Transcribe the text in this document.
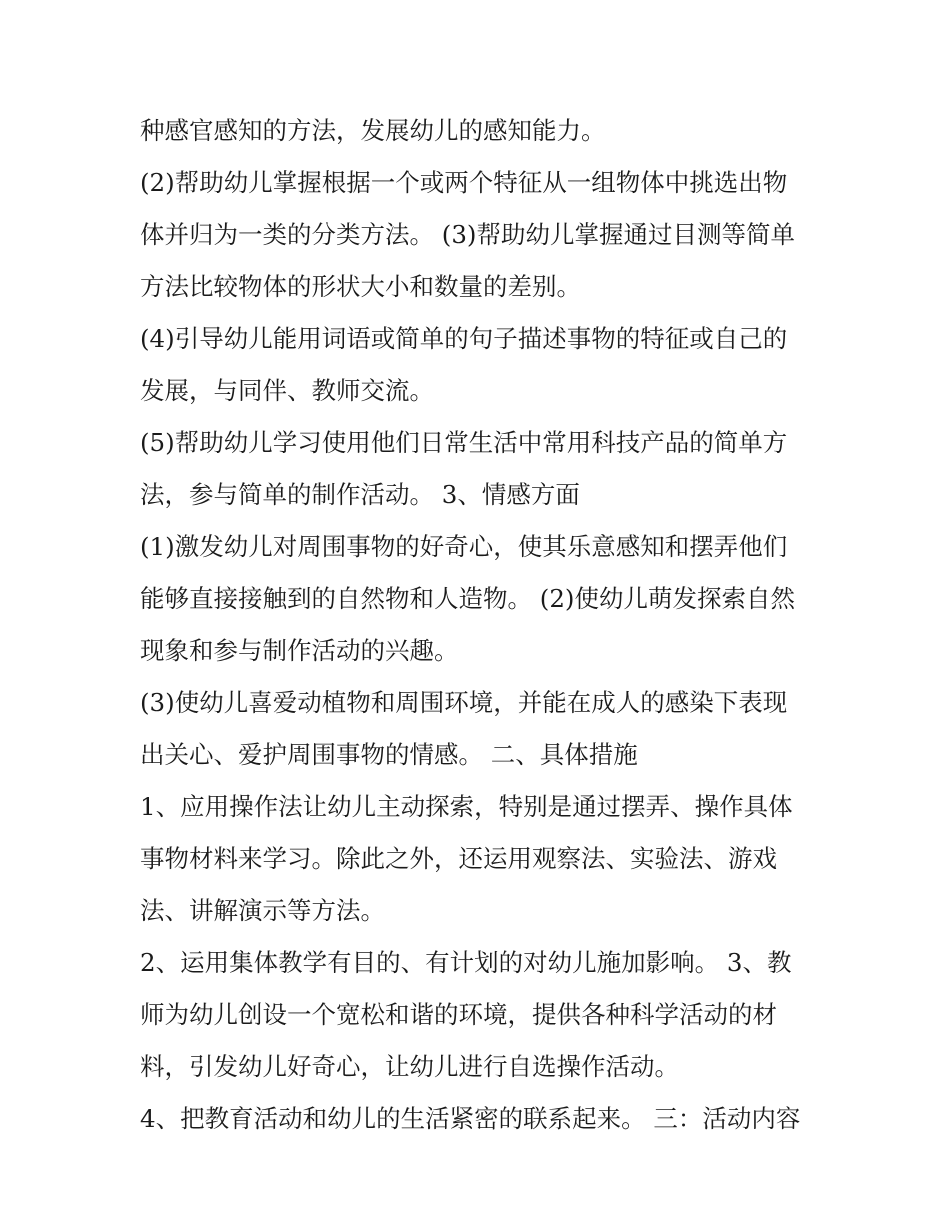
种感官感知的方法，发展幼儿的感知能力。
(2)帮助幼儿掌握根据一个或两个特征从一组物体中挑选出物
体并归为一类的分类方法。 (3)帮助幼儿掌握通过目测等简单
方法比较物体的形状大小和数量的差别。
(4)引导幼儿能用词语或简单的句子描述事物的特征或自己的
发展，与同伴、教师交流。
(5)帮助幼儿学习使用他们日常生活中常用科技产品的简单方
法，参与简单的制作活动。 3、情感方面
(1)激发幼儿对周围事物的好奇心，使其乐意感知和摆弄他们
能够直接接触到的自然物和人造物。 (2)使幼儿萌发探索自然
现象和参与制作活动的兴趣。
(3)使幼儿喜爱动植物和周围环境，并能在成人的感染下表现
出关心、爱护周围事物的情感。 二、具体措施
1、应用操作法让幼儿主动探索，特别是通过摆弄、操作具体
事物材料来学习。除此之外，还运用观察法、实验法、游戏
法、讲解演示等方法。
2、运用集体教学有目的、有计划的对幼儿施加影响。 3、教
师为幼儿创设一个宽松和谐的环境，提供各种科学活动的材
料，引发幼儿好奇心，让幼儿进行自选操作活动。
4、把教育活动和幼儿的生活紧密的联系起来。 三：活动内容
